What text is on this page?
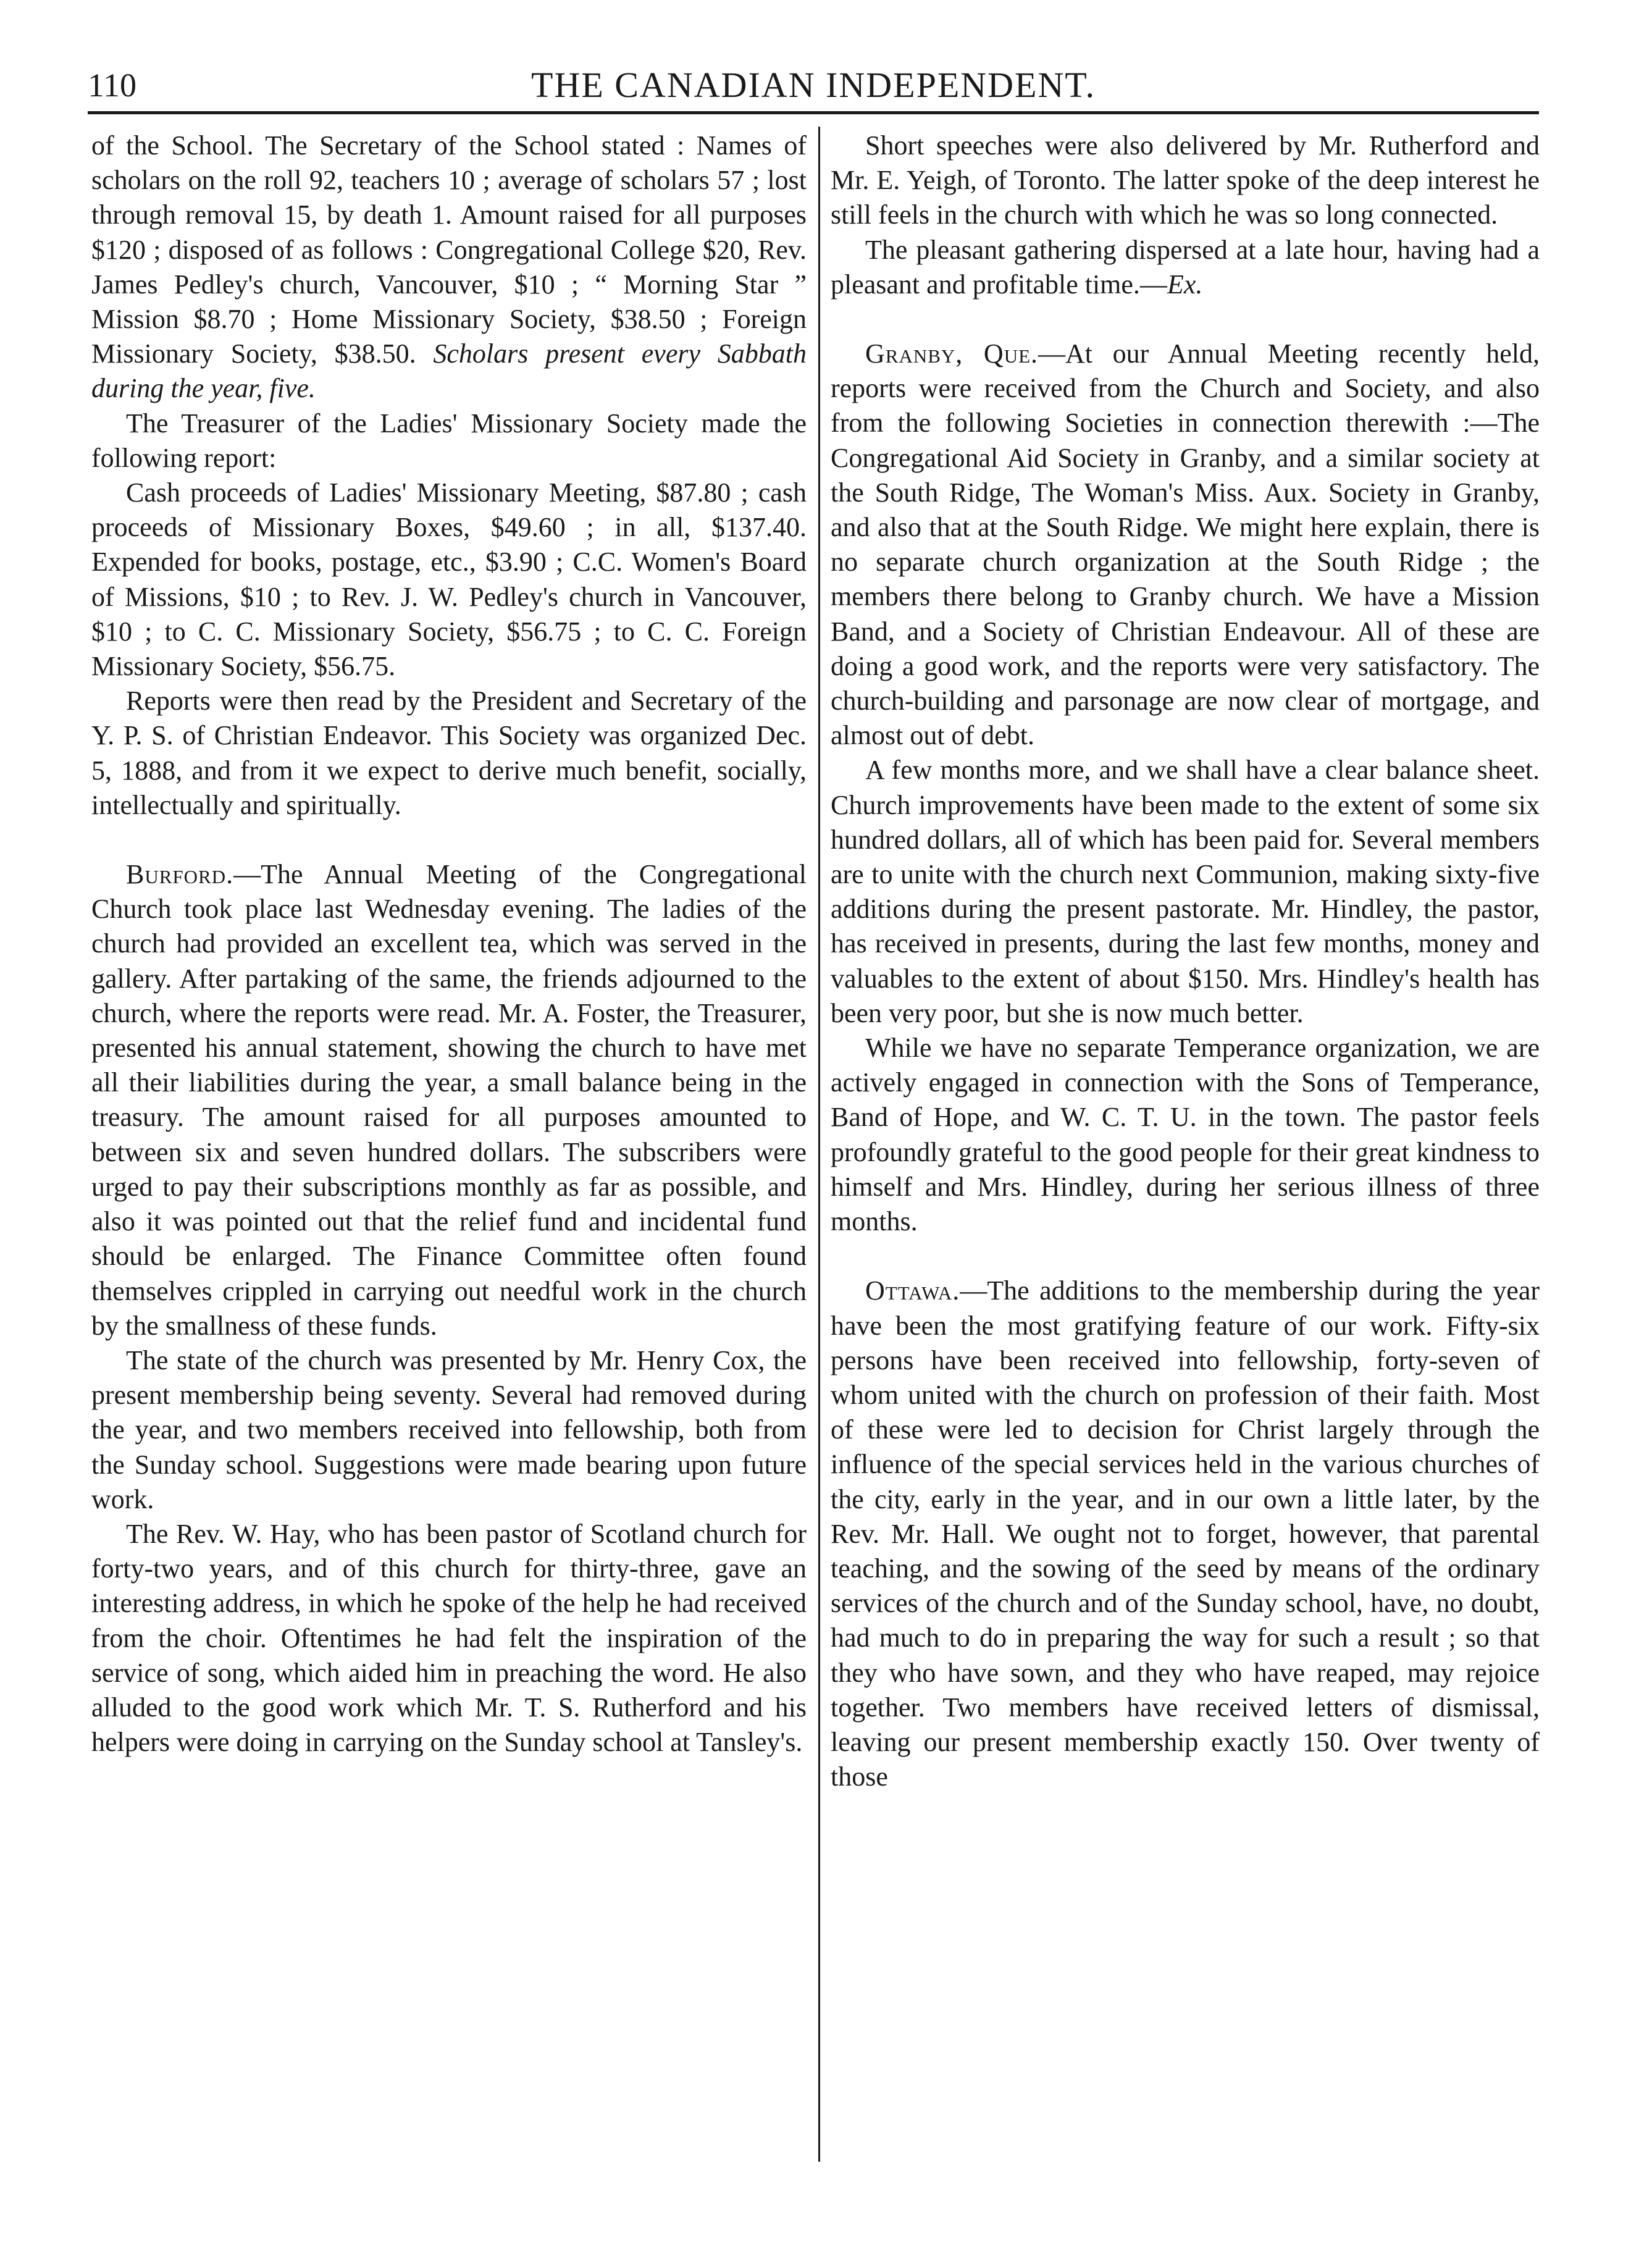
110	THE CANADIAN INDEPENDENT.

of the School. The Secretary of the School stated : Names of scholars on the roll 92, teachers 10 ; average of scholars 57 ; lost through removal 15, by death 1. Amount raised for all purposes $120 ; disposed of as follows : Congregational College $20, Rev. James Pedley's church, Vancouver, $10 ; “ Morning Star ” Mission $8.70 ; Home Missionary Society, $38.50 ; Foreign Missionary Society, $38.50. Scholars present every Sabbath during the year, five.

The Treasurer of the Ladies' Missionary Society made the following report:

Cash proceeds of Ladies' Missionary Meeting, $87.80 ; cash proceeds of Missionary Boxes, $49.60 ; in all, $137.40. Expended for books, postage, etc., $3.90 ; C.C. Women's Board of Missions, $10 ; to Rev. J. W. Pedley's church in Vancouver, $10 ; to C. C. Missionary Society, $56.75 ; to C. C. Foreign Missionary Society, $56.75.

Reports were then read by the President and Secretary of the Y. P. S. of Christian Endeavor. This Society was organized Dec. 5, 1888, and from it we expect to derive much benefit, socially, intellectually and spiritually.

Burford.—The Annual Meeting of the Congregational Church took place last Wednesday evening. The ladies of the church had provided an excellent tea, which was served in the gallery. After partaking of the same, the friends adjourned to the church, where the reports were read. Mr. A. Foster, the Treasurer, presented his annual statement, showing the church to have met all their liabilities during the year, a small balance being in the treasury. The amount raised for all purposes amounted to between six and seven hundred dollars. The subscribers were urged to pay their subscriptions monthly as far as possible, and also it was pointed out that the relief fund and incidental fund should be enlarged. The Finance Committee often found themselves crippled in carrying out needful work in the church by the smallness of these funds.

The state of the church was presented by Mr. Henry Cox, the present membership being seventy. Several had removed during the year, and two members received into fellowship, both from the Sunday school. Suggestions were made bearing upon future work.

The Rev. W. Hay, who has been pastor of Scotland church for forty-two years, and of this church for thirty-three, gave an interesting address, in which he spoke of the help he had received from the choir. Oftentimes he had felt the inspiration of the service of song, which aided him in preaching the word. He also alluded to the good work which Mr. T. S. Rutherford and his helpers were doing in carrying on the Sunday school at Tansley's.

Short speeches were also delivered by Mr. Rutherford and Mr. E. Yeigh, of Toronto. The latter spoke of the deep interest he still feels in the church with which he was so long connected.

The pleasant gathering dispersed at a late hour, having had a pleasant and profitable time.—Ex.

Granby, Que.—At our Annual Meeting recently held, reports were received from the Church and Society, and also from the following Societies in connection therewith :—The Congregational Aid Society in Granby, and a similar society at the South Ridge, The Woman's Miss. Aux. Society in Granby, and also that at the South Ridge. We might here explain, there is no separate church organization at the South Ridge ; the members there belong to Granby church. We have a Mission Band, and a Society of Christian Endeavour. All of these are doing a good work, and the reports were very satisfactory. The church-building and parsonage are now clear of mortgage, and almost out of debt.

A few months more, and we shall have a clear balance sheet. Church improvements have been made to the extent of some six hundred dollars, all of which has been paid for. Several members are to unite with the church next Communion, making sixty-five additions during the present pastorate. Mr. Hindley, the pastor, has received in presents, during the last few months, money and valuables to the extent of about $150. Mrs. Hindley's health has been very poor, but she is now much better.

While we have no separate Temperance organization, we are actively engaged in connection with the Sons of Temperance, Band of Hope, and W. C. T. U. in the town. The pastor feels profoundly grateful to the good people for their great kindness to himself and Mrs. Hindley, during her serious illness of three months.

Ottawa.—The additions to the membership during the year have been the most gratifying feature of our work. Fifty-six persons have been received into fellowship, forty-seven of whom united with the church on profession of their faith. Most of these were led to decision for Christ largely through the influence of the special services held in the various churches of the city, early in the year, and in our own a little later, by the Rev. Mr. Hall. We ought not to forget, however, that parental teaching, and the sowing of the seed by means of the ordinary services of the church and of the Sunday school, have, no doubt, had much to do in preparing the way for such a result ; so that they who have sown, and they who have reaped, may rejoice together. Two members have received letters of dismissal, leaving our present membership exactly 150. Over twenty of those
